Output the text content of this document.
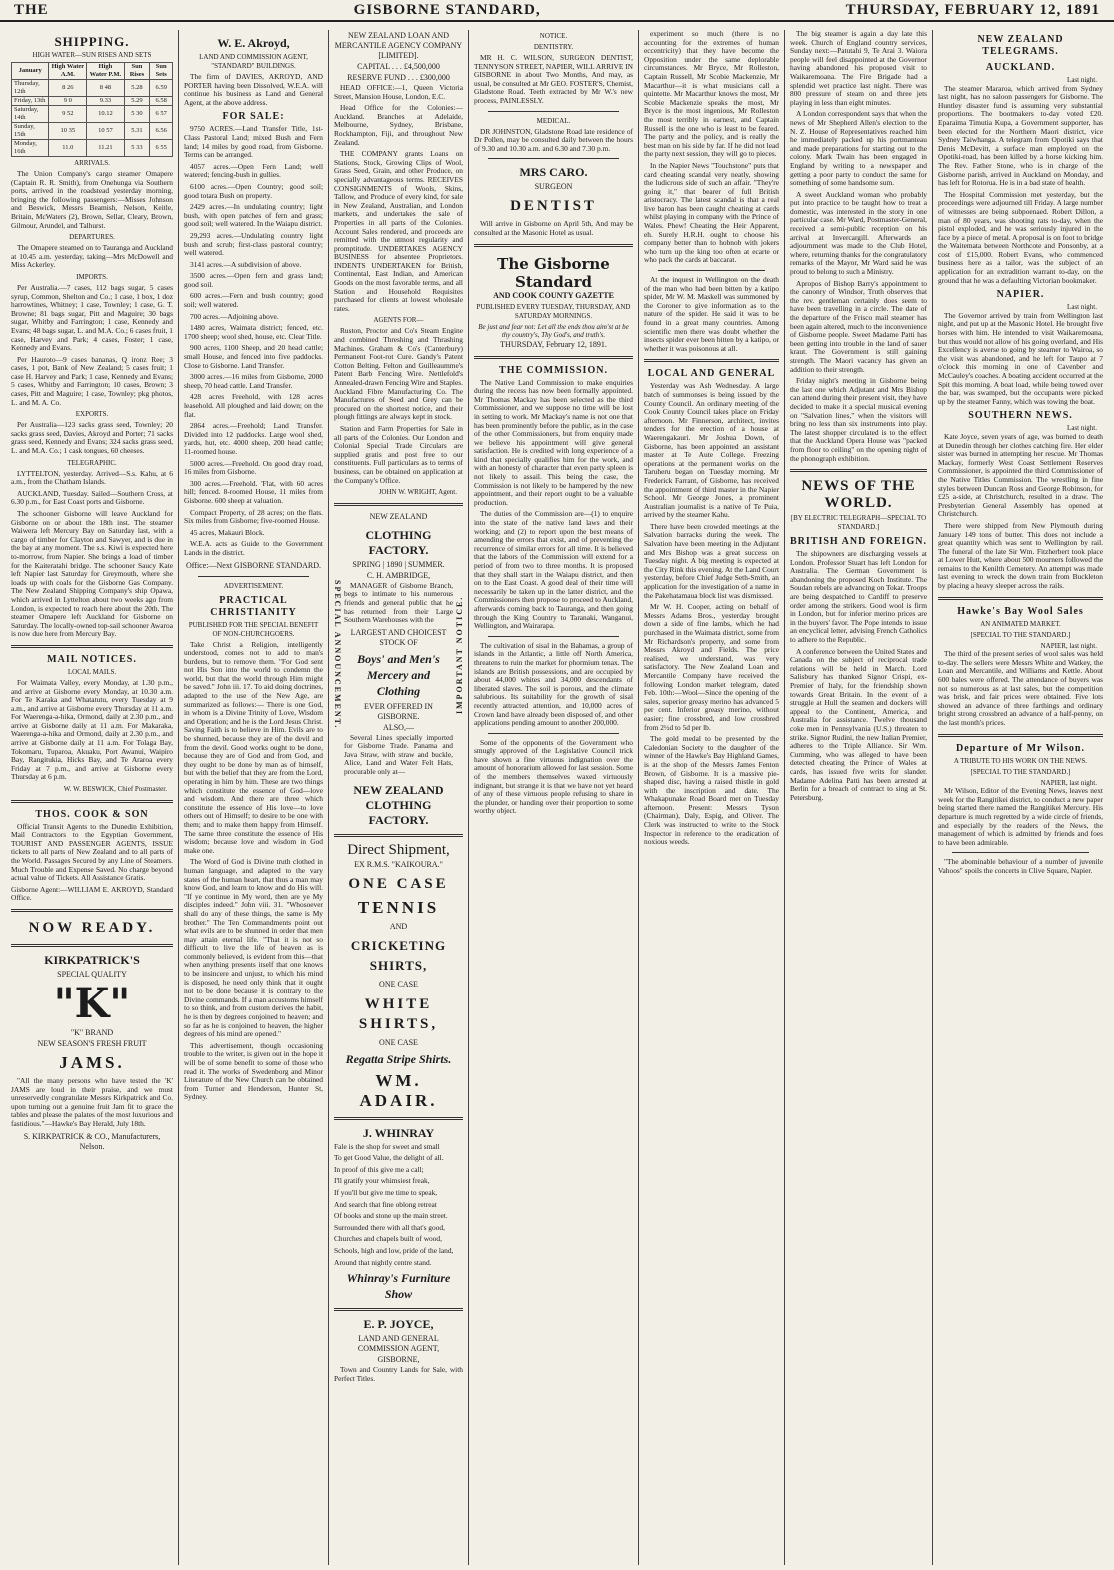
THE	GISBORNE STANDARD,	THURSDAY, FEBRUARY 12, 1891
SHIPPING.
HIGH WATER—SUN RISES AND SETS
January	High Water A.M.	High Water P.M.	Sun Rises	Sun Sets
Thursday, 12th	8 26	8 48	5.28	6.59
Friday, 13th	9 0	9.33	5.29	6.58
Saturday, 14th	9 52	10.12	5 30	6 57
Sunday, 15th	10 35	10 57	5.31	6.56
Monday, 16th	11.0	11.21	5 33	6 55
ARRIVALS.

The Union Company's cargo steamer Omapere (Captain R. R. Smith), from Onehunga via Southern ports, arrived in the roadstead yesterday morning, bringing the following passengers:—Misses Johnson and Beswick, Messrs Beamish, Nelson, Keitle, Britain, McWaters (2), Brown, Sellar, Cleary, Brown, Gilmour, Arundel, and Talhurst.

DEPARTURES.

The Omapere steamed on to Tauranga and Auckland at 10.45 a.m. yesterday, taking—Mrs McDowell and Miss Ackerley.

IMPORTS.

Per Australia.—7 cases, 112 bags sugar, 5 cases syrup, Common, Shelton and Co.; 1 case, 1 box, 1 doz harrowtines, Whitney; 1 case, Townley; 1 case, G. T. Browne; 81 bags sugar, Pitt and Maguire; 30 bags sugar, Whitby and Farrington; 1 case, Kennedy and Evans; 48 bags sugar, L. and M.A. Co.; 6 cases fruit, 1 case, Harvey and Park; 4 cases, Foster; 1 case, Kennedy and Evans.

Per Hauroto—9 cases bananas, Q ironz Ree; 3 cases, 1 pot, Bank of New Zealand; 5 cases fruit; 1 case H. Harvey and Park; 1 case, Kennedy and Evans; 5 cases, Whitby and Farrington; 10 cases, Brown; 3 cases, Pitt and Maguire; 1 case, Townley; pkg photos, L. and M. A. Co.

EXPORTS.

Per Australia—123 sacks grass seed, Townley; 20 sacks grass seed, Davies, Akroyd and Porter; 71 sacks grass seed, Kennedy and Evans; 324 sacks grass seed, L. and M.A. Co.; 1 cask tongues, 60 cheeses.

TELEGRAPHIC.

LYTTELTON, yesterday. Arrived—S.s. Kahu, at 6 a.m., from the Chatham Islands.

AUCKLAND, Tuesday. Sailed—Southern Cross, at 6.30 p.m., for East Coast ports and Gisborne.

The schooner Gisborne will leave Auckland for Gisborne on or about the 18th inst. The steamer Waiwera left Mercury Bay on Saturday last, with a cargo of timber for Clayton and Sawyer, and is due in the bay at any moment. The s.s. Kiwi is expected here to-morrow, from Napier. She brings a load of timber for the Kaiteratahi bridge. The schooner Saucy Kate left Napier last Saturday for Greymouth, where she loads up with coals for the Gisborne Gas Company. The New Zealand Shipping Company's ship Opawa, which arrived in Lyttelton about two weeks ago from London, is expected to reach here about the 20th. The steamer Omapere left Auckland for Gisborne on Saturday. The locally-owned top-sail schooner Awaroa is now due here from Mercury Bay.

MAIL NOTICES.
LOCAL MAILS.

For Waimata Valley, every Monday, at 1.30 p.m., and arrive at Gisborne every Monday, at 10.30 a.m. For Te Karaka and Whatatutu, every Tuesday at 9 a.m., and arrive at Gisborne every Thursday at 11 a.m. For Waerenga-a-hika, Ormond, daily at 2.30 p.m., and arrive at Gisborne daily at 11 a.m. For Makaraka, Waerenga-a-hika and Ormond, daily at 2.30 p.m., and arrive at Gisborne daily at 11 a.m. For Tolaga Bay, Tokomaru, Tuparoa, Akuaku, Port Awanui, Waipiro Bay, Rangitukia, Hicks Bay, and Te Araroa every Friday at 7 p.m., and arrive at Gisborne every Thursday at 6 p.m.

W. W. BESWICK, Chief Postmaster.
THOS. COOK & SON

Official Transit Agents to the Dunedin Exhibition, Mail Contractors to the Egyptian Government, TOURIST AND PASSENGER AGENTS, ISSUE tickets to all parts of New Zealand and to all parts of the World. Passages Secured by any Line of Steamers. Much Trouble and Expense Saved. No charge beyond actual value of Tickets. All Assistance Gratis.

Gisborne Agent:—WILLIAM E. AKROYD, Standard Office.

NOW READY.
KIRKPATRICK'S
SPECIAL QUALITY
"K"
"K" BRAND
NEW SEASON'S FRESH FRUIT
JAMS.

"All the many persons who have tested the 'K' JAMS are loud in their praise, and we must unreservedly congratulate Messrs Kirkpatrick and Co. upon turning out a genuine fruit Jam fit to grace the tables and please the palates of the most luxurious and fastidious."—Hawke's Bay Herald, July 18th.

S. KIRKPATRICK & CO., Manufacturers, Nelson.
W. E. Akroyd,
LAND AND COMMISSION AGENT, "STANDARD" BUILDINGS.

The firm of DAVIES, AKROYD, AND PORTER having been Dissolved, W.E.A. will continue his business as Land and General Agent, at the above address.

FOR SALE:

9750 ACRES.—Land Transfer Title, 1st-Class Pastoral Land; mixed Bush and Fern land; 14 miles by good road, from Gisborne. Terms can be arranged.

4057 acres.—Open Fern Land; well watered; fencing-bush in gullies.

6100 acres.—Open Country; good soil; good totara Bush on property.

2429 acres.—In undulating country; light bush, with open patches of fern and grass; good soil; well watered. In the Waiapu district.

29,293 acres.—Undulating country light bush and scrub; first-class pastoral country; well watered.

3141 acres.—A subdivision of above.

3500 acres.—Open fern and grass land; good soil.

600 acres.—Fern and bush country; good soil; well watered.

700 acres.—Adjoining above.

1480 acres, Waimata district; fenced, etc. 1700 sheep; wool shed, house, etc. Clear Title.

900 acres, 1100 Sheep, and 20 head cattle; small House, and fenced into five paddocks. Close to Gisborne. Land Transfer.

3000 acres.—16 miles from Gisborne, 2000 sheep, 70 head cattle. Land Transfer.

428 acres Freehold, with 128 acres leasehold. All ploughed and laid down; on the flat.

2864 acres.—Freehold; Land Transfer. Divided into 12 paddocks. Large wool shed, yards, hut, etc. 4000 sheep, 200 head cattle; 11-roomed house.

5000 acres.—Freehold. On good dray road, 16 miles from Gisborne.

300 acres.—Freehold. 'Flat, with 60 acres hill; fenced. 8-roomed House, 11 miles from Gisborne. 600 sheep at valuation.

Compact Property, of 28 acres; on the flats. Six miles from Gisborne; five-roomed House.

45 acres, Makauri Block.

W.E.A. acts as Guide to the Government Lands in the district.

Office:—Next GISBORNE STANDARD.
ADVERTISEMENT.
PRACTICAL CHRISTIANITY
PUBLISHED FOR THE SPECIAL BENEFIT OF NON-CHURCHGOERS.

Take Christ a Religion, intelligently understood, comes not to add to man's burdens, but to remove them. "For God sent not His Son into the world to condemn the world, but that the world through Him might be saved." John iii. 17. To aid doing doctrines, adapted to the use of the New Age, are summarized as follows:— There is one God, in whom is a Divine Trinity of Love, Wisdom and Operation; and he is the Lord Jesus Christ. Saving Faith is to believe in Him. Evils are to be shunned, because they are of the devil and from the devil. Good works ought to be done, because they are of God and from God, and they ought to be done by man as of himself, but with the belief that they are from the Lord, operating in him by him. These are two things which constitute the essence of God—love and wisdom. And there are three which constitute the essence of His love—to love others out of Himself; to desire to be one with them; and to make them happy from Himself. The same three constitute the essence of His wisdom; because love and wisdom in God make one.

The Word of God is Divine truth clothed in human language, and adapted to the vary states of the human heart, that thus a man may know God, and learn to know and do His will. "If ye continue in My word, then are ye My disciples indeed." John viii. 31. "Whosoever shall do any of these things, the same is My brother." The Ten Commandments point out what evils are to be shunned in order that men may attain eternal life. "That it is not so difficult to live the life of heaven as is commonly believed, is evident from this—that when anything presents itself that one knows to be insincere and unjust, to which his mind is disposed, he need only think that it ought not to be done because it is contrary to the Divine commands. If a man accustoms himself to so think, and from custom derives the habit, he is then by degrees conjoined to heaven; and so far as he is conjoined to heaven, the higher degrees of his mind are opened."

This advertisement, though occasioning trouble to the writer, is given out in the hope it will be of some benefit to some of those who read it. The works of Swedenborg and Minor Literature of the New Church can be obtained from Turner and Henderson, Hunter St, Sydney.

NEW ZEALAND LOAN AND MERCANTILE AGENCY COMPANY [LIMITED].
CAPITAL . . . £4,500,000
RESERVE FUND . . . £300,000

HEAD OFFICE:—1, Queen Victoria Street, Mansion House, London, E.C.

Head Office for the Colonies:—Auckland. Branches at Adelaide, Melbourne, Sydney, Brisbane, Rockhampton, Fiji, and throughout New Zealand.

THE COMPANY grants Loans on Stations, Stock, Growing Clips of Wool, Grass Seed, Grain, and other Produce, on specially advantageous terms. RECEIVES CONSIGNMENTS of Wools, Skins, Tallow, and Produce of every kind, for sale in New Zealand, Australian, and London markets, and undertakes the sale of Properties in all parts of the Colonies. Account Sales rendered, and proceeds are remitted with the utmost regularity and promptitude. UNDERTAKES AGENCY BUSINESS for absentee Proprietors. INDENTS UNDERTAKEN for British, Continental, East Indian, and American Goods on the most favorable terms, and all Station and Household Requisites purchased for clients at lowest wholesale rates.

AGENTS FOR—

Ruston, Proctor and Co's Steam Engine and combined Threshing and Thrashing Machines. Graham & Co's (Canterbury) Permanent Foot-rot Cure. Gandy's Patent Cotton Belting. Felton and Guilleaumme's Patent Barb Fencing Wire. Nettlefold's Annealed-drawn Fencing Wire and Staples. Auckland Fibre Manufacturing Co. The Manufactures of Seed and Grey can be procured on the shortest notice, and their plough fittings are always kept in stock.

Station and Farm Properties for Sale in all parts of the Colonies. Our London and Colonial Special Trade Circulars are supplied gratis and post free to our constituents. Full particulars as to terms of business, can be obtained on application at the Company's Office.

JOHN W. WRIGHT, Agent.
SPECIAL ANNOUNCEMENT.	IMPORTANT NOTICE.
NEW ZEALAND
CLOTHING FACTORY.
SPRING | 1890 | SUMMER.
C. H. AMBRIDGE,

MANAGER of Gisborne Branch, begs to intimate to his numerous friends and general public that he has returned from their Large Southern Warehouses with the

LARGEST AND CHOICEST STOCK OF
Boys' and Men's Mercery and Clothing
EVER OFFERED IN GISBORNE.
ALSO,—

Several Lines specially imported for Gisborne Trade. Panama and Java Straw, with straw and buckle, Alice, Land and Water Felt Hats, procurable only at—

NEW ZEALAND CLOTHING FACTORY.
Direct Shipment,
EX R.M.S. "KAIKOURA."
ONE CASE
TENNIS
AND
CRICKETING SHIRTS,
ONE CASE
WHITE SHIRTS,
ONE CASE
Regatta Stripe Shirts.
WM. ADAIR.
J. WHINRAY

Fale is the shop for sweet and small

To get Good Value, the delight of all.

In proof of this give me a call;

I'll gratify your whimsiest freak,

If you'll but give me time to speak,

And search that fine oblong retreat

Of books and stone up the main street.

Surrounded there with all that's good,

Churches and chapels built of wood,

Schools, high and low, pride of the land,

Around that nightly centre stand.

Whinray's Furniture Show
E. P. JOYCE,
LAND AND GENERAL COMMISSION AGENT,
GISBORNE,

Town and Country Lands for Sale, with Perfect Titles.

NOTICE.
DENTISTRY.

MR H. C. WILSON, SURGEON DENTIST, TENNYSON STREET, NAPIER, WILL ARRIVE IN GISBORNE in about Two Months, And may, as usual, be consulted at Mr GEO. FOSTER'S, Chemist, Gladstone Road. Teeth extracted by Mr W.'s new process, PAINLESSLY.

MEDICAL.

DR JOHNSTON, Gladstone Road late residence of Dr Pollen, may be consulted daily between the hours of 9.30 and 10.30 a.m. and 6.30 and 7.30 p.m.

MRS CARO.
SURGEON
DENTIST

Will arrive in Gisborne on April 5th, And may be consulted at the Masonic Hotel as usual.

The Gisborne Standard
AND COOK COUNTY GAZETTE
PUBLISHED EVERY TUESDAY, THURSDAY, AND SATURDAY MORNINGS.
Be just and fear not: Let all the ends thou aim'st at be thy country's, Thy God's, and truth's.
THURSDAY, February 12, 1891.
THE COMMISSION.

The Native Land Commission to make enquiries during the recess has now been formally appointed. Mr Thomas Mackay has been selected as the third Commissioner, and we suppose no time will be lost in setting to work. Mr Mackay's name is not one that has been prominently before the public, as in the case of the other Commissioners, but from enquiry made we believe his appointment will give general satisfaction. He is credited with long experience of a kind that specially qualifies him for the work, and with an honesty of character that even party spleen is not likely to assail. This being the case, the Commission is not likely to be hampered by the new appointment, and their report ought to be a valuable production.

The duties of the Commission are—(1) to enquire into the state of the native land laws and their working; and (2) to report upon the best means of amending the errors that exist, and of preventing the recurrence of similar errors for all time. It is believed that the labors of the Commission will extend for a period of from two to three months. It is proposed that they shall start in the Waiapu district, and then on to the East Coast. A good deal of their time will necessarily be taken up in the latter district, and the Commissioners then propose to proceed to Auckland, afterwards coming back to Tauranga, and then going through the King Country to Taranaki, Wanganui, Wellington, and Wairarapa.

The cultivation of sisal in the Bahamas, a group of islands in the Atlantic, a little off North America, threatens to ruin the market for phormium tenax. The islands are British possessions, and are occupied by about 44,000 whites and 34,000 descendants of liberated slaves. The soil is porous, and the climate salubrious. Its suitability for the growth of sisal recently attracted attention, and 10,000 acres of Crown land have already been disposed of, and other applications pending amount to another 200,000.

Some of the opponents of the Government who smugly approved of the Legislative Council trick have shown a fine virtuous indignation over the amount of honorarium allowed for last session. Some of the members themselves waxed virtuously indignant, but strange it is that we have not yet heard of any of these virtuous people refusing to share in the plunder, or handing over their proportion to some worthy object.

experiment so much (there is no accounting for the extremes of human eccentricity) that they have become the Opposition under the same deplorable circumstances. Mr Bryce, Mr Rolleston, Captain Russell, Mr Scobie Mackenzie, Mr Macarthur—it is what musicians call a quintette. Mr Macarthur knows the most, Mr Scobie Mackenzie speaks the most, Mr Bryce is the most ingenious, Mr Rolleston the most terribly in earnest, and Captain Russell is the one who is least to be feared. The party and the policy, and is really the best man on his side by far. If he did not lead the party next session, they will go to pieces.

In the Napier News "Touchstone" puts that card cheating scandal very neatly, showing the ludicrous side of such an affair. "They're going it," that bearer of full British aristocracy. The latest scandal is that a real live baron has been caught cheating at cards whilst playing in company with the Prince of Wales. Phew! Cheating the Heir Apparent, eh. Surely H.R.H. ought to choose his company better than to hobnob with jokers who turn up the king too often at ecarte or who pack the cards at baccarat.

At the inquest in Wellington on the death of the man who had been bitten by a katipo spider, Mr W. M. Maskell was summoned by the Coroner to give information as to the nature of the spider. He said it was to be found in a great many countries. Among scientific men there was doubt whether the insects spider ever been bitten by a katipo, or whether it was poisonous at all.

LOCAL AND GENERAL

Yesterday was Ash Wednesday. A large batch of summonses is being issued by the County Council. An ordinary meeting of the Cook County Council takes place on Friday afternoon. Mr Finnerson, architect, invites tenders for the erection of a house at Waerengakauri. Mr Joshua Down, of Gisborne, has been appointed an assistant master at Te Aute College. Freezing operations at the permanent works on the Taruheru began on Tuesday morning. Mr Frederick Farrant, of Gisborne, has received the appointment of third master in the Napier School. Mr George Jones, a prominent Australian journalist is a native of Te Puia, arrived by the steamer Kahu.

There have been crowded meetings at the Salvation barracks during the week. The Salvation have been meeting in the Adjutant and Mrs Bishop was a great success on Tuesday night. A big meeting is expected at the City Rink this evening. At the Land Court yesterday, before Chief Judge Seth-Smith, an application for the investigation of a name in the Pakehatamaua block list was dismissed.

Mr W. H. Cooper, acting on behalf of Messrs Adams Bros., yesterday brought down a side of fine lambs, which he had purchased in the Waimata district, some from Mr Richardson's property, and some from Messrs Akroyd and Fields. The price realised, we understand, was very satisfactory. The New Zealand Loan and Mercantile Company have received the following London market telegram, dated Feb. 10th:—Wool—Since the opening of the sales, superior greasy merino has advanced 5 per cent. Inferior greasy merino, without easier; fine crossbred, and low crossbred from 2½d to 5d per lb.

The gold medal to be presented by the Caledonian Society to the daughter of the winner of the Hawke's Bay Highland Games, is at the shop of the Messrs James Fenton Brown, of Gisborne. It is a massive pie-shaped disc, having a raised thistle in gold with the inscription and date. The Whakapunake Road Board met on Tuesday afternoon. Present: Messrs Tyson (Chairman), Daly, Espig, and Oliver. The Clerk was instructed to write to the Stock Inspector in reference to the eradication of noxious weeds.

The big steamer is again a day late this week. Church of England country services, Sunday next:—Patutahi 9, Te Arai 3. Waiora people will feel disappointed at the Governor having abandoned his proposed visit to Waikaremoana. The Fire Brigade had a splendid wet practice last night. There was 800 pressure of steam on and three jets playing in less than eight minutes.

A London correspondent says that when the news of Mr Shepherd Allen's election to the N. Z. House of Representatives reached him he immediately packed up his portmanteau and made preparations for starting out to the colony. Mark Twain has been engaged in England by writing to a newspaper and getting a poor party to conduct the same for something of some handsome sum.

A sweet Auckland woman who probably put into practice to be taught how to treat a domestic, was interested in the story in one particular case. Mr Ward, Postmaster-General, received a semi-public reception on his arrival at Invercargill. Afterwards an adjournment was made to the Club Hotel, where, returning thanks for the congratulatory remarks of the Mayor, Mr Ward said he was proud to belong to such a Ministry.

Apropos of Bishop Barry's appointment to the canonry of Windsor, Truth observes that the rev. gentleman certainly does seem to have been travelling in a circle. The date of the departure of the Frisco mail steamer has been again altered, much to the inconvenience of Gisborne people. Sweet Madame Patti has been getting into trouble in the land of sauer kraut. The Government is still gaining strength. The Maori vacancy has given an addition to their strength.

Friday night's meeting in Gisborne being the last one which Adjutant and Mrs Bishop can attend during their present visit, they have decided to make it a special musical evening on "Salvation lines," when the visitors will bring no less than six instruments into play. The latest shopper circulated is to the effect that the Auckland Opera House was "packed from floor to ceiling" on the opening night of the phonograph exhibition.

NEWS OF THE WORLD.
[BY ELECTRIC TELEGRAPH—SPECIAL TO STANDARD.]
BRITISH AND FOREIGN.

The shipowners are discharging vessels at London. Professor Stuart has left London for Australia. The German Government is abandoning the proposed Koch Institute. The Soudan rebels are advancing on Tokar. Troops are being despatched to Cardiff to preserve order among the strikers. Good wool is firm in London, but for inferior merino prices are in the buyers' favor. The Pope intends to issue an encyclical letter, advising French Catholics to adhere to the Republic.

A conference between the United States and Canada on the subject of reciprocal trade relations will be held in March. Lord Salisbury has thanked Signor Crispi, ex-Premier of Italy, for the friendship shown towards Great Britain. In the event of a struggle at Hull the seamen and dockers will appeal to the Continent, America, and Australia for assistance. Twelve thousand coke men in Pennsylvania (U.S.) threaten to strike. Signor Rudini, the new Italian Premier, adheres to the Triple Alliance. Sir Wm. Cumming, who was alleged to have been detected cheating the Prince of Wales at cards, has issued five writs for slander. Madame Adelina Patti has been arrested at Berlin for a breach of contract to sing at St. Petersburg.

NEW ZEALAND TELEGRAMS.
AUCKLAND.
Last night.

The steamer Mararoa, which arrived from Sydney last night, has no saloon passengers for Gisborne. The Huntley disaster fund is assuming very substantial proportions. The bootmakers to-day voted £20. Eparaima Timutia Kupa, a Government supporter, has been elected for the Northern Maori district, vice Sydney Taiwhanga. A telegram from Opotiki says that Denis McDevitt, a surface man employed on the Opotiki-road, has been killed by a horse kicking him. The Rev. Father Stone, who is in charge of the Gisborne parish, arrived in Auckland on Monday, and has left for Rotorua. He is in a bad state of health.

The Hospital Commission met yesterday, but the proceedings were adjourned till Friday. A large number of witnesses are being subpoenaed. Robert Dillon, a man of 80 years, was shooting rats to-day, when the pistol exploded, and he was seriously injured in the face by a piece of metal. A proposal is on foot to bridge the Waitemata between Northcote and Ponsonby, at a cost of £15,000. Robert Evans, who commenced business here as a tailor, was the subject of an application for an extradition warrant to-day, on the ground that he was a defaulting Victorian bookmaker.

NAPIER.
Last night.

The Governor arrived by train from Wellington last night, and put up at the Masonic Hotel. He brought five horses with him. He intended to visit Waikaremoana, but thus would not allow of his going overland, and His Excellency is averse to going by steamer to Wairoa, so the visit was abandoned, and he left for Taupo at 7 o'clock this morning in one of Cavenber and McCauley's coaches. A boating accident occurred at the Spit this morning. A boat load, while being towed over the bar, was swamped, but the occupants were picked up by the steamer Fanny, which was towing the boat.

SOUTHERN NEWS.
Last night.

Kate Joyce, seven years of age, was burned to death at Dunedin through her clothes catching fire. Her elder sister was burned in attempting her rescue. Mr Thomas Mackay, formerly West Coast Settlement Reserves Commissioner, is appointed the third Commissioner of the Native Titles Commission. The wrestling in fine styles between Duncan Ross and George Robinson, for £25 a-side, at Christchurch, resulted in a draw. The Presbyterian General Assembly has opened at Christchurch.

There were shipped from New Plymouth during January 149 tons of butter. This does not include a great quantity which was sent to Wellington by rail. The funeral of the late Sir Wm. Fitzherbert took place at Lower Hutt, where about 500 mourners followed the remains to the Kenilth Cemetery. An attempt was made last evening to wreck the down train from Buckleton by placing a heavy sleeper across the rails.

Hawke's Bay Wool Sales
AN ANIMATED MARKET.
[SPECIAL TO THE STANDARD.]
NAPIER, last night.

The third of the present series of wool sales was held to-day. The sellers were Messrs White and Watkey, the Loan and Mercantile, and Williams and Kettle. About 600 bales were offered. The attendance of buyers was not so numerous as at last sales, but the competition was brisk, and fair prices were obtained. Five lots showed an advance of three farthings and ordinary bright strong crossbred an advance of a half-penny, on the last month's prices.

Departure of Mr Wilson.
A TRIBUTE TO HIS WORK ON THE NEWS.
[SPECIAL TO THE STANDARD.]
NAPIER, last night.

Mr Wilson, Editor of the Evening News, leaves next week for the Rangitikei district, to conduct a new paper being started there named the Rangitikei Mercury. His departure is much regretted by a wide circle of friends, and especially by the readers of the News, the management of which is admitted by friends and foes to have been admirable.

"The abominable behaviour of a number of juvenile Vahoos" spoils the concerts in Clive Square, Napier.
